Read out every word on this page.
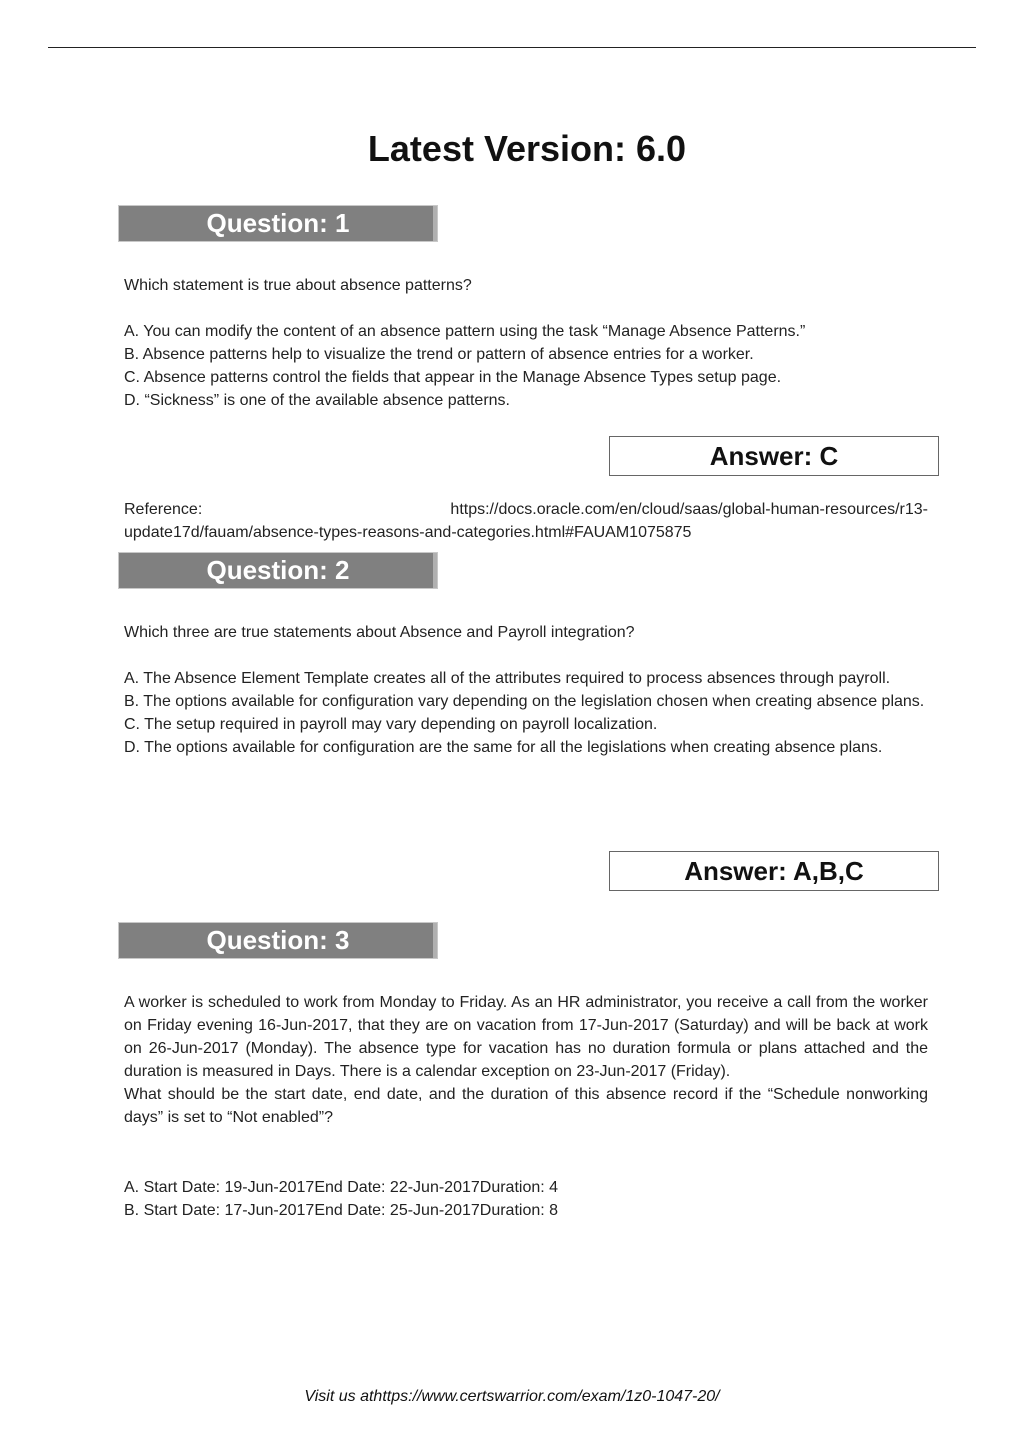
Latest Version: 6.0
Question: 1
Which statement is true about absence patterns?

A. You can modify the content of an absence pattern using the task “Manage Absence Patterns.”

B. Absence patterns help to visualize the trend or pattern of absence entries for a worker.

C. Absence patterns control the fields that appear in the Manage Absence Types setup page.

D. “Sickness” is one of the available absence patterns.

Answer: C
Reference:	https://docs.oracle.com/en/cloud/saas/global-human-resources/r13-

update17d/fauam/absence-types-reasons-and-categories.html#FAUAM1075875

Question: 2
Which three are true statements about Absence and Payroll integration?

A. The Absence Element Template creates all of the attributes required to process absences through payroll.

B. The options available for configuration vary depending on the legislation chosen when creating absence plans.

C. The setup required in payroll may vary depending on payroll localization.

D. The options available for configuration are the same for all the legislations when creating absence plans.

Answer: A,B,C
Question: 3

A worker is scheduled to work from Monday to Friday. As an HR administrator, you receive a call from the worker on Friday evening 16-Jun-2017, that they are on vacation from 17-Jun-2017 (Saturday) and will be back at work on 26-Jun-2017 (Monday). The absence type for vacation has no duration formula or plans attached and the duration is measured in Days. There is a calendar exception on 23-Jun-2017 (Friday).

What should be the start date, end date, and the duration of this absence record if the “Schedule nonworking days” is set to “Not enabled”?

A. Start Date: 19-Jun-2017End Date: 22-Jun-2017Duration: 4

B. Start Date: 17-Jun-2017End Date: 25-Jun-2017Duration: 8

Visit us athttps://www.certswarrior.com/exam/1z0-1047-20/
